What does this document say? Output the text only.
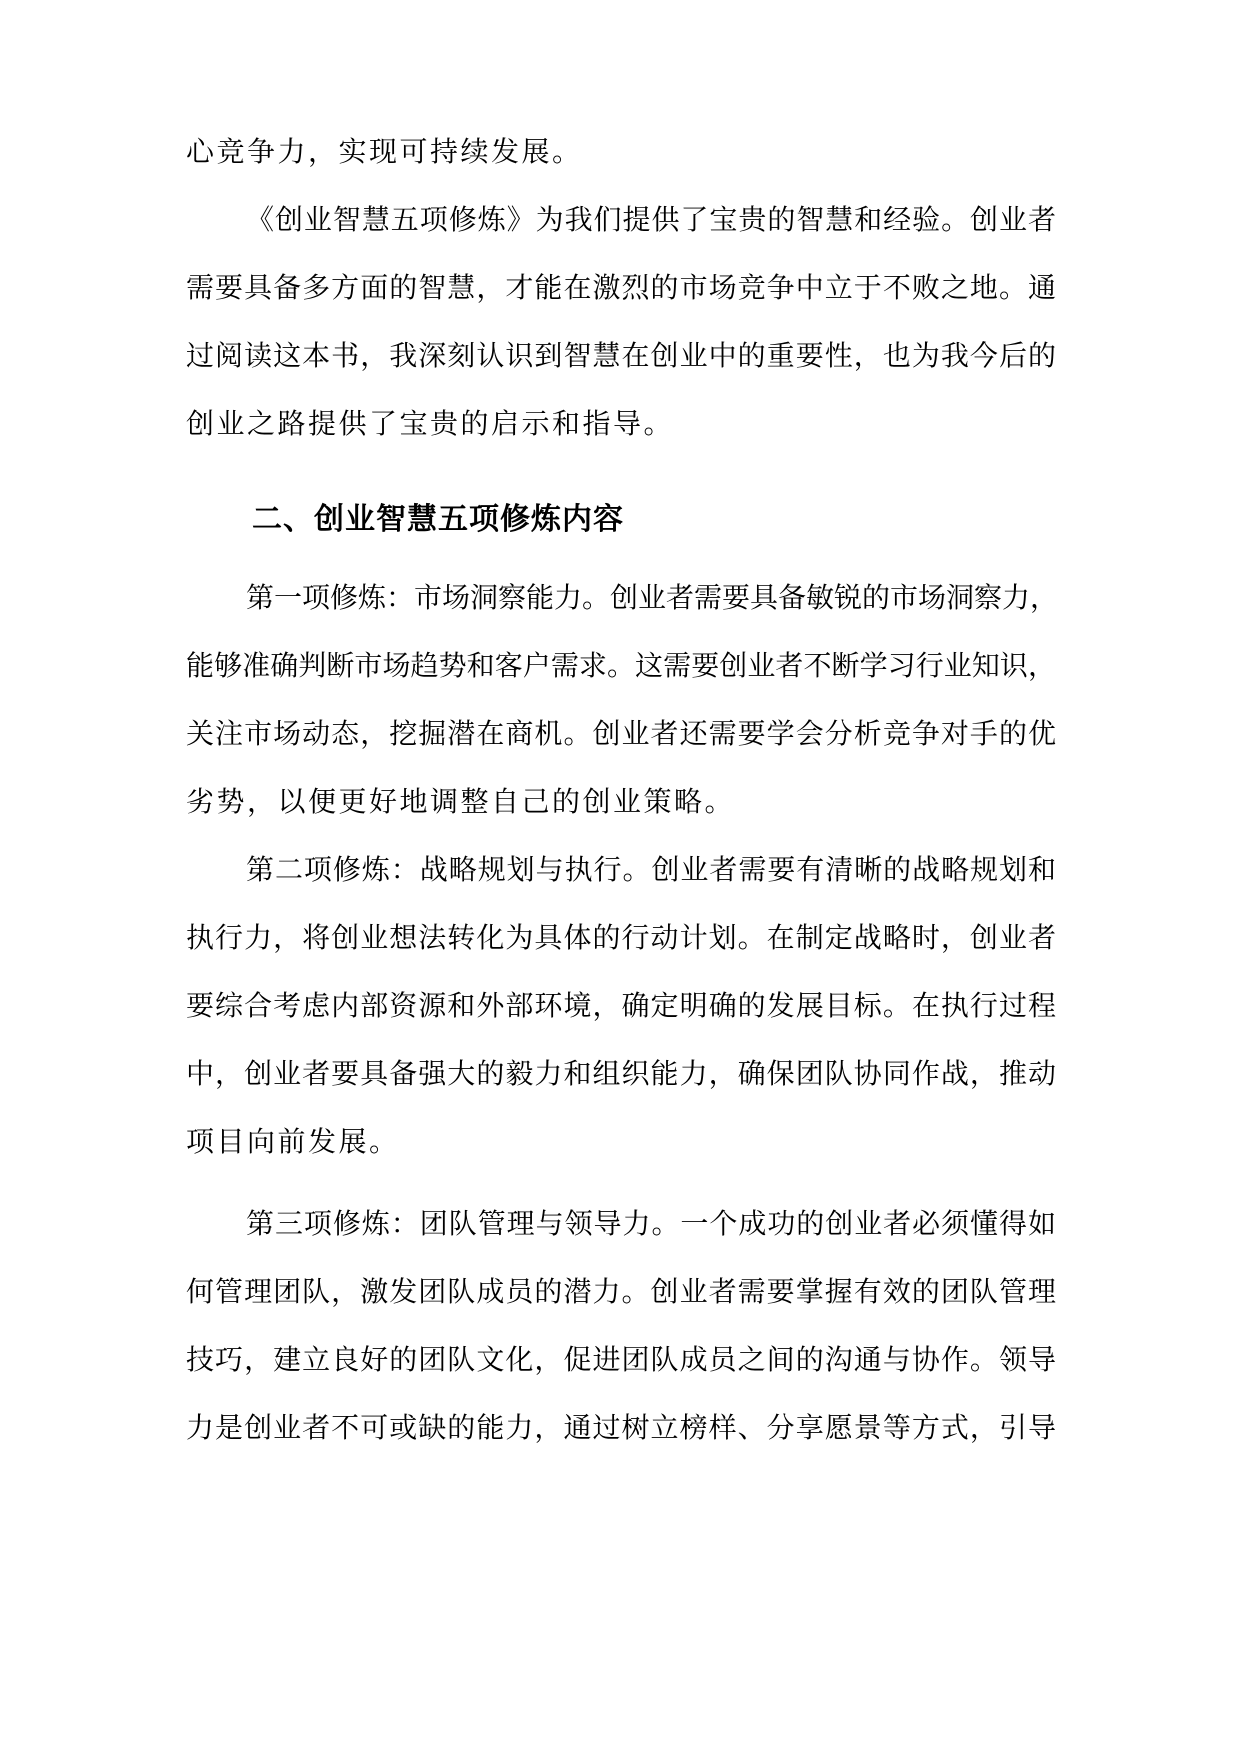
心竞争力，实现可持续发展。

《创业智慧五项修炼》为我们提供了宝贵的智慧和经验。创业者

需要具备多方面的智慧，才能在激烈的市场竞争中立于不败之地。通

过阅读这本书，我深刻认识到智慧在创业中的重要性，也为我今后的

创业之路提供了宝贵的启示和指导。

二、创业智慧五项修炼内容

第一项修炼：市场洞察能力。创业者需要具备敏锐的市场洞察力，

能够准确判断市场趋势和客户需求。这需要创业者不断学习行业知识，

关注市场动态，挖掘潜在商机。创业者还需要学会分析竞争对手的优

劣势，以便更好地调整自己的创业策略。

第二项修炼：战略规划与执行。创业者需要有清晰的战略规划和

执行力，将创业想法转化为具体的行动计划。在制定战略时，创业者

要综合考虑内部资源和外部环境，确定明确的发展目标。在执行过程

中，创业者要具备强大的毅力和组织能力，确保团队协同作战，推动

项目向前发展。

第三项修炼：团队管理与领导力。一个成功的创业者必须懂得如

何管理团队，激发团队成员的潜力。创业者需要掌握有效的团队管理

技巧，建立良好的团队文化，促进团队成员之间的沟通与协作。领导

力是创业者不可或缺的能力，通过树立榜样、分享愿景等方式，引导
